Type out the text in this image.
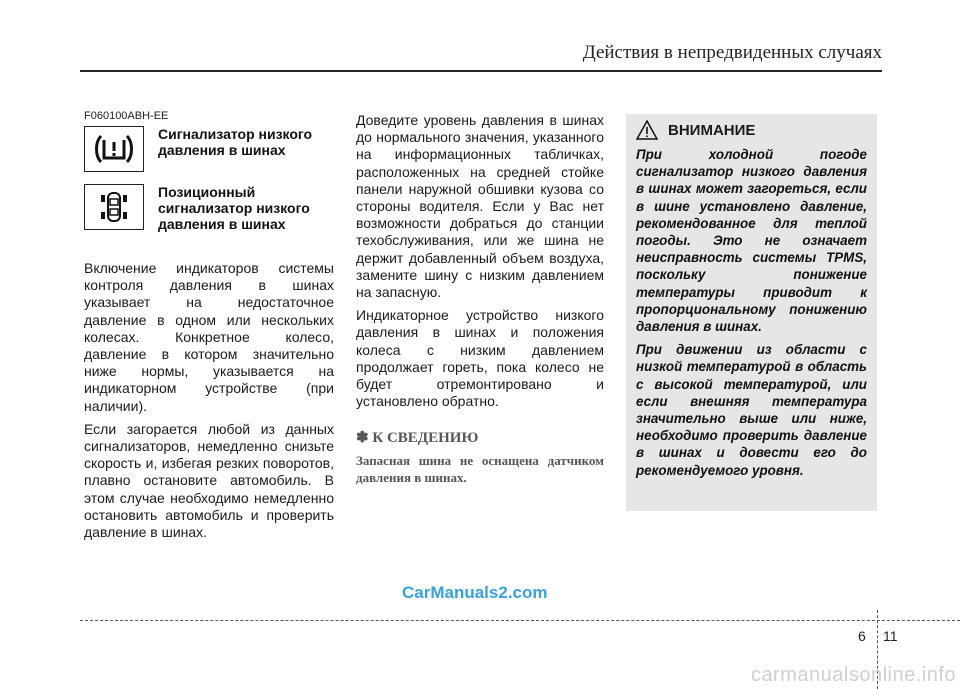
Действия в непредвиденных случаях
F060100ABH-EE
Сигнализатор низкого давления в шинах
Позиционный сигнализатор низкого давления в шинах

Включение индикаторов системы контроля давления в шинах указывает на недостаточное давление в одном или нескольких колесах. Конкретное колесо, давление в котором значительно ниже нормы, указывается на индикаторном устройстве (при наличии).

Если загорается любой из данных сигнализаторов, немедленно снизьте скорость и, избегая резких поворотов, плавно остановите автомобиль. В этом случае необходимо немедленно остановить автомобиль и проверить давление в шинах.

Доведите уровень давления в шинах до нормального значения, указанного на информационных табличках, расположенных на средней стойке панели наружной обшивки кузова со стороны водителя. Если у Вас нет возможности добраться до станции техобслуживания, или же шина не держит добавленный объем воздуха, замените шину с низким давлением на запасную.

Индикаторное устройство низкого давления в шинах и положения колеса с низким давлением продолжает гореть, пока колесо не будет отремонтировано и установлено обратно.

✽ К СВЕДЕНИЮ
Запасная шина не оснащена датчиком давления в шинах.
ВНИМАНИЕ

При холодной погоде сигнализатор низкого давления в шинах может загореться, если в шине установлено давление, рекомендованное для теплой погоды. Это не означает неисправность системы TPMS, поскольку понижение температуры приводит к пропорциональному понижению давления в шинах.

При движении из области с низкой температурой в область с высокой температурой, или если внешняя температура значительно выше или ниже, необходимо проверить давление в шинах и довести его до рекомендуемого уровня.

CarManuals2.com
6 11
carmanualsonline.info
